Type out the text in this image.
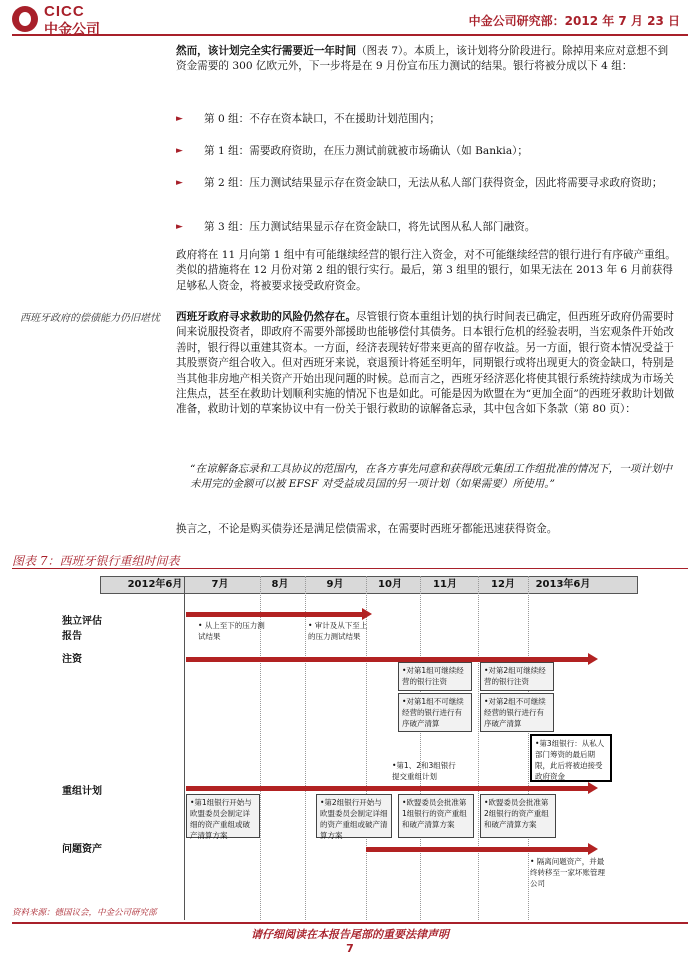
CICC
中金公司
中金公司研究部：2012 年 7 月 23 日
然而，该计划完全实行需要近一年时间（图表 7）。本质上，该计划将分阶段进行。除掉用来应对意想不到资金需要的 300 亿欧元外，下一步将是在 9 月份宣布压力测试的结果。银行将被分成以下 4 组：
► 第 0 组：不存在资本缺口，不在援助计划范围内；
► 第 1 组：需要政府资助，在压力测试前就被市场确认（如 Bankia）；
► 第 2 组：压力测试结果显示存在资金缺口，无法从私人部门获得资金，因此将需要寻求政府资助；
► 第 3 组：压力测试结果显示存在资金缺口，将先试图从私人部门融资。
政府将在 11 月向第 1 组中有可能继续经营的银行注入资金，对不可能继续经营的银行进行有序破产重组。类似的措施将在 12 月份对第 2 组的银行实行。最后，第 3 组里的银行，如果无法在 2013 年 6 月前获得足够私人资金，将被要求接受政府资金。
西班牙政府的偿债能力仍旧堪忧 西班牙政府寻求救助的风险仍然存在。尽管银行资本重组计划的执行时间表已确定，但西班牙政府仍需要时间来说服投资者，即政府不需要外部援助也能够偿付其债务。日本银行危机的经验表明，当宏观条件开始改善时，银行得以重建其资本。一方面，经济表现转好带来更高的留存收益。另一方面，银行资本情况受益于其股票资产组合收入。但对西班牙来说，衰退预计将延至明年，同期银行或将出现更大的资金缺口，特别是当其他非房地产相关资产开始出现问题的时候。总而言之，西班牙经济恶化将使其银行系统持续成为市场关注焦点，甚至在救助计划顺利实施的情况下也是如此。可能是因为欧盟在为“更加全面”的西班牙救助计划做准备，救助计划的草案协议中有一份关于银行救助的谅解备忘录，其中包含如下条款（第 80 页）：
“在谅解备忘录和工具协议的范围内，在各方事先同意和获得欧元集团工作组批准的情况下，一项计划中未用完的金额可以被 EFSF 对受益成员国的另一项计划（如果需要）所使用。”
换言之，不论是购买债券还是满足偿债需求，在需要时西班牙都能迅速获得资金。
图表 7：西班牙银行重组时间表
2012年6月	7月	8月	9月	10月	11月	12月	2013年6月
独立评估报告
注资
重组计划
问题资产
• 从上至下的压力测试结果
• 审计及从下至上的压力测试结果
•对第1组可继续经营的银行注资
•对第1组不可继续经营的银行进行有序破产清算
•对第2组可继续经营的银行注资
•对第2组不可继续经营的银行进行有序破产清算
•第3组银行：从私人部门筹资的最后期限，此后将被迫接受政府资金
•第1、2和3组银行提交重组计划
•第1组银行开始与欧盟委员会制定详细的资产重组或破产清算方案
•第2组银行开始与欧盟委员会制定详细的资产重组或破产清算方案
•欧盟委员会批准第1组银行的资产重组和破产清算方案
•欧盟委员会批准第2组银行的资产重组和破产清算方案
• 隔离问题资产，并最终转移至一家坏账管理公司
资料来源：德国议会，中金公司研究部
请仔细阅读在本报告尾部的重要法律声明
7
